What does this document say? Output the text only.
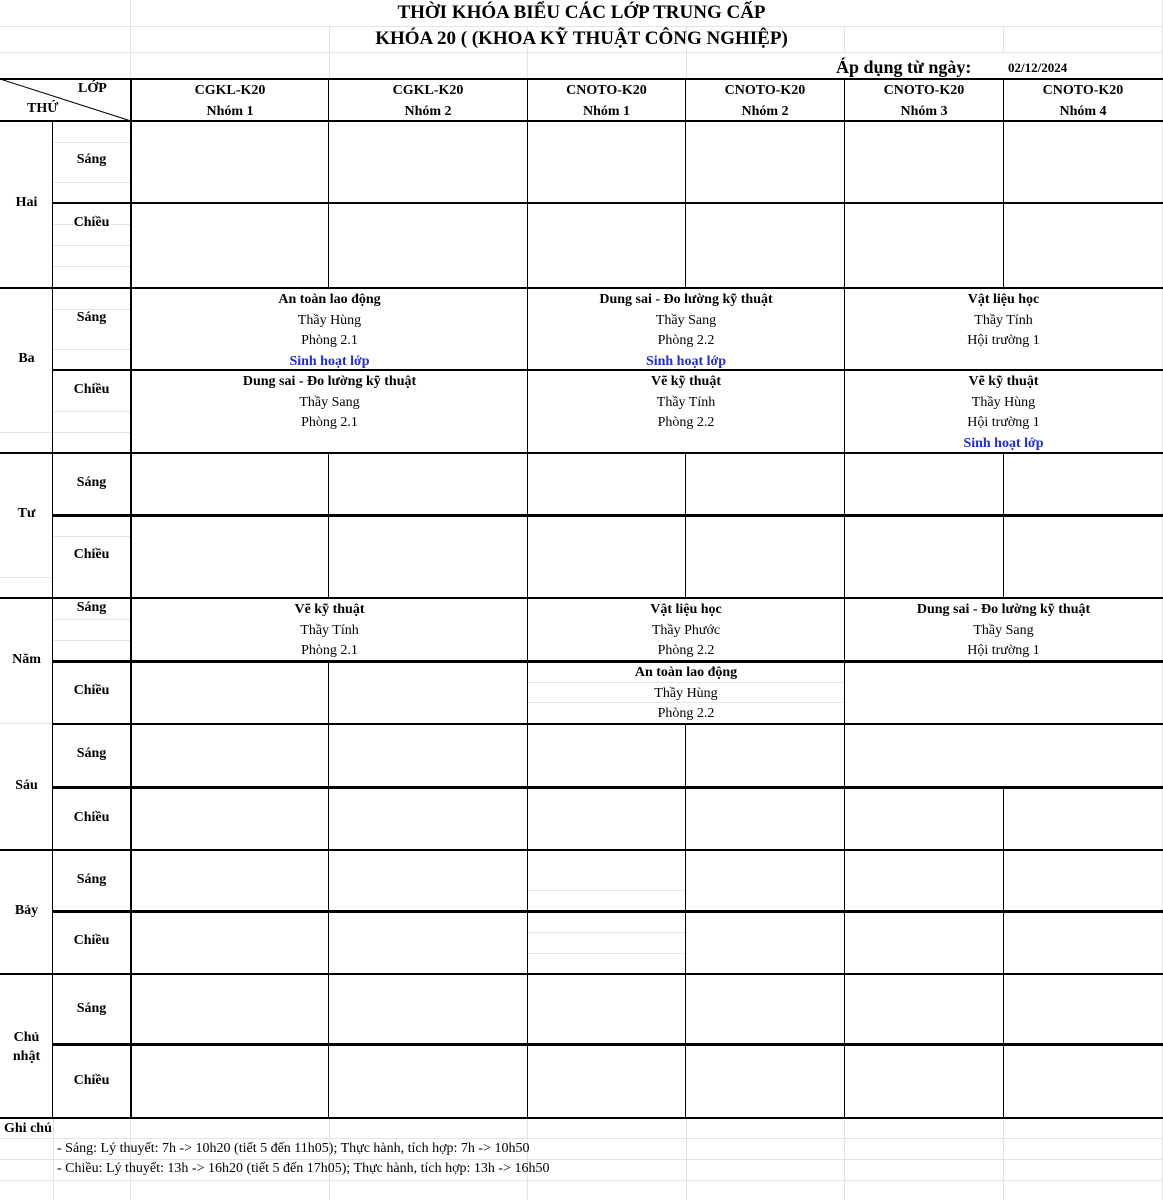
THỜI KHÓA BIỂU CÁC LỚP TRUNG CẤP
KHÓA 20 ( (KHOA KỸ THUẬT CÔNG NGHIỆP)
Áp dụng từ ngày:	02/12/2024
LỚP
THỨ
CGKL-K20
Nhóm 1
CGKL-K20
Nhóm 2
CNOTO-K20
Nhóm 1
CNOTO-K20
Nhóm 2
CNOTO-K20
Nhóm 3
CNOTO-K20
Nhóm 4
Hai
Ba
Tư
Năm
Sáu
Bảy
Chủ nhật
Sáng
Chiều
Sáng
Chiều
Sáng
Chiều
Sáng
Chiều
Sáng
Chiều
Sáng
Chiều
Sáng
Chiều
An toàn lao động
Thầy Hùng
Phòng 2.1
Sinh hoạt lớp
Dung sai - Đo lường kỹ thuật
Thầy Sang
Phòng 2.2
Sinh hoạt lớp
Vật liệu học
Thầy Tính
Hội trường 1
Dung sai - Đo lường kỹ thuật
Thầy Sang
Phòng 2.1
Vẽ kỹ thuật
Thầy Tính
Phòng 2.2
Vẽ kỹ thuật
Thầy Hùng
Hội trường 1
Sinh hoạt lớp
Vẽ kỹ thuật
Thầy Tính
Phòng 2.1
Vật liệu học
Thầy Phước
Phòng 2.2
Dung sai - Đo lường kỹ thuật
Thầy Sang
Hội trường 1
An toàn lao động
Thầy Hùng
Phòng 2.2
Ghi chú
- Sáng: Lý thuyết: 7h -> 10h20 (tiết 5 đến 11h05); Thực hành, tích hợp: 7h -> 10h50
- Chiều: Lý thuyết: 13h -> 16h20 (tiết 5 đến 17h05); Thực hành, tích hợp: 13h -> 16h50
